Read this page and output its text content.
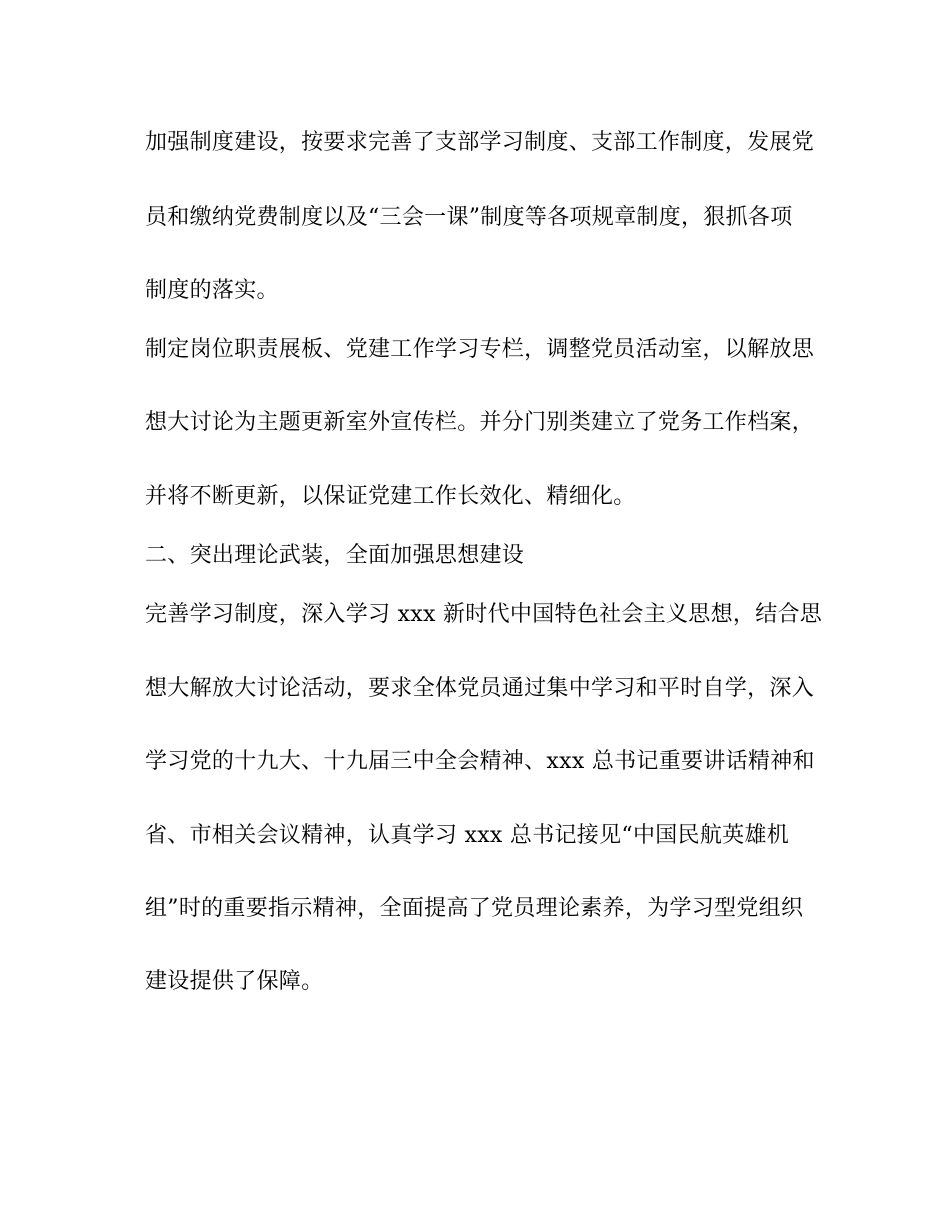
加强制度建设，按要求完善了支部学习制度、支部工作制度，发展党
员和缴纳党费制度以及“三会一课”制度等各项规章制度，狠抓各项
制度的落实。
制定岗位职责展板、党建工作学习专栏，调整党员活动室，以解放思
想大讨论为主题更新室外宣传栏。并分门别类建立了党务工作档案，
并将不断更新，以保证党建工作长效化、精细化。
二、突出理论武装，全面加强思想建设
完善学习制度，深入学习 xxx 新时代中国特色社会主义思想，结合思
想大解放大讨论活动，要求全体党员通过集中学习和平时自学，深入
学习党的十九大、十九届三中全会精神、xxx 总书记重要讲话精神和
省、市相关会议精神，认真学习 xxx 总书记接见“中国民航英雄机
组”时的重要指示精神，全面提高了党员理论素养，为学习型党组织
建设提供了保障。
